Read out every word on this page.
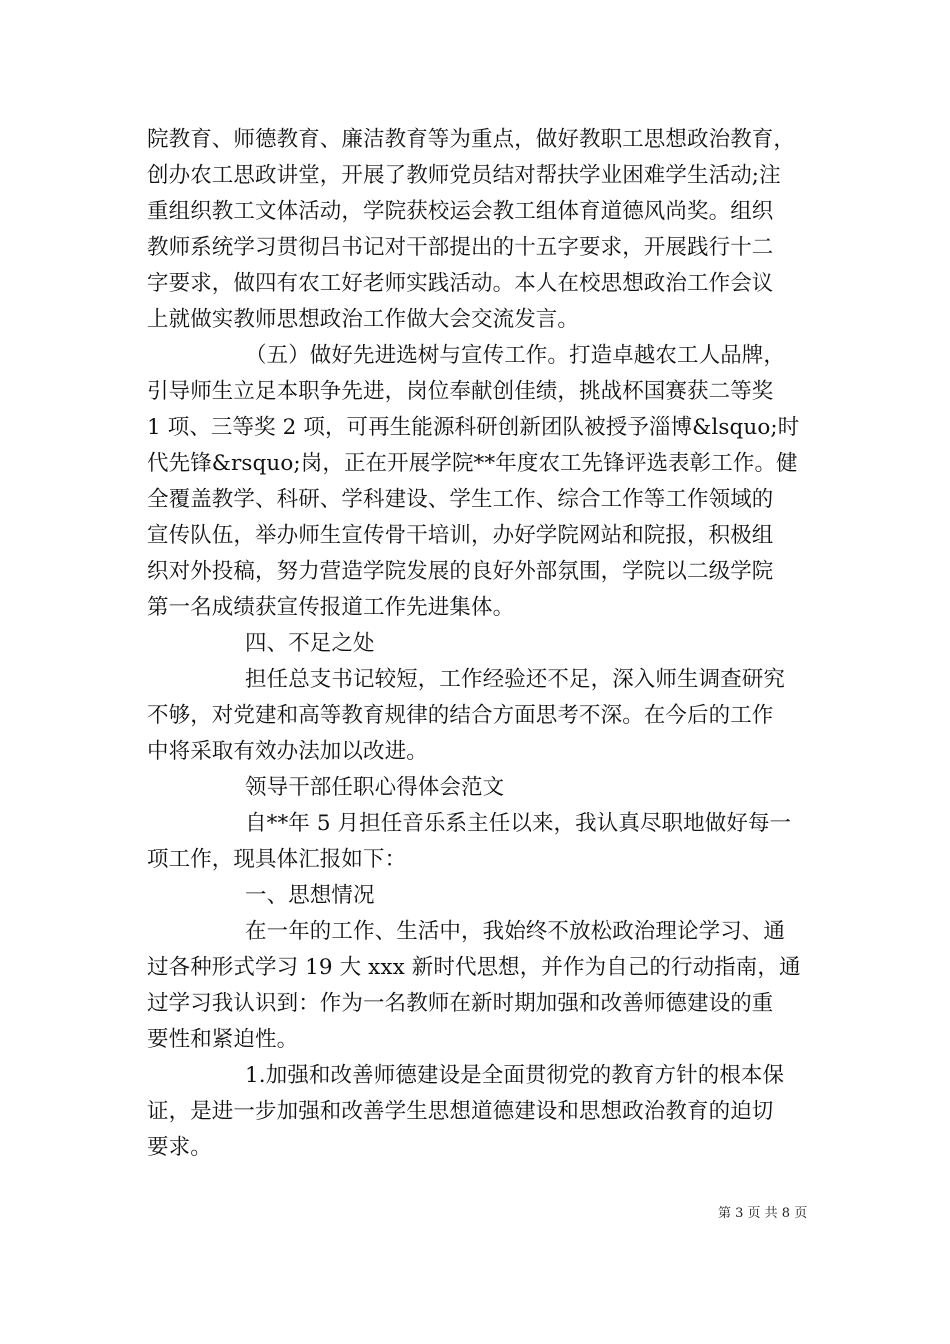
院教育、师德教育、廉洁教育等为重点，做好教职工思想政治教育，
创办农工思政讲堂，开展了教师党员结对帮扶学业困难学生活动;注
重组织教工文体活动，学院获校运会教工组体育道德风尚奖。组织
教师系统学习贯彻吕书记对干部提出的十五字要求，开展践行十二
字要求，做四有农工好老师实践活动。本人在校思想政治工作会议
上就做实教师思想政治工作做大会交流发言。
（五）做好先进选树与宣传工作。打造卓越农工人品牌，
引导师生立足本职争先进，岗位奉献创佳绩，挑战杯国赛获二等奖
1 项、三等奖 2 项，可再生能源科研创新团队被授予淄博&lsquo;时
代先锋&rsquo;岗，正在开展学院**年度农工先锋评选表彰工作。健
全覆盖教学、科研、学科建设、学生工作、综合工作等工作领域的
宣传队伍，举办师生宣传骨干培训，办好学院网站和院报，积极组
织对外投稿，努力营造学院发展的良好外部氛围，学院以二级学院
第一名成绩获宣传报道工作先进集体。
四、不足之处
担任总支书记较短，工作经验还不足，深入师生调查研究
不够，对党建和高等教育规律的结合方面思考不深。在今后的工作
中将采取有效办法加以改进。
领导干部任职心得体会范文
自**年 5 月担任音乐系主任以来，我认真尽职地做好每一
项工作，现具体汇报如下：
一、思想情况
在一年的工作、生活中，我始终不放松政治理论学习、通
过各种形式学习 19 大 xxx 新时代思想，并作为自己的行动指南，通
过学习我认识到：作为一名教师在新时期加强和改善师德建设的重
要性和紧迫性。
1.加强和改善师德建设是全面贯彻党的教育方针的根本保
证，是进一步加强和改善学生思想道德建设和思想政治教育的迫切
要求。
第 3 页 共 8 页
